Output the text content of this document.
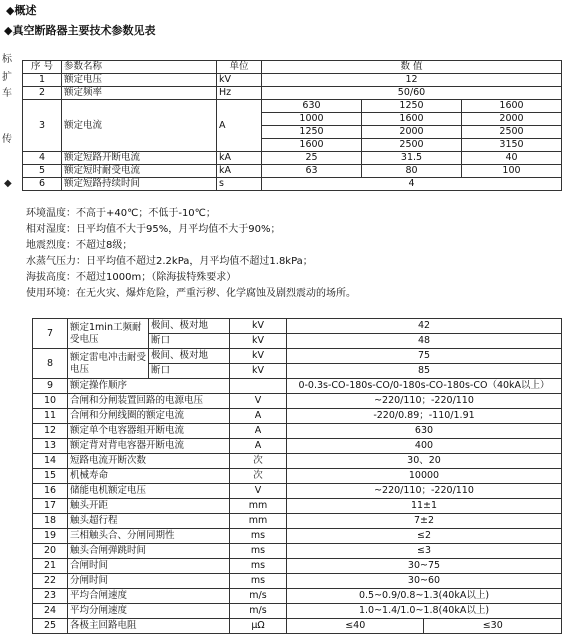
◆概述
◆真空断路器主要技术参数见表
标
扩
车
传
◆
序 号	参数名称	单位	数 值		
1	额定电压	kV	12		
2	额定频率	Hz	50/60		
3	额定电流	A	630	1250	1600
			1000	1600	2000
			1250	2000	2500
			1600	2500	3150
4	额定短路开断电流	kA	25	31.5	40
5	额定短时耐受电流	kA	63	80	100
6	额定短路持续时间	s	4		
环境温度：不高于+40℃；不低于-10℃；
相对湿度：日平均值不大于95%，月平均值不大于90%；
地震烈度：不超过8级；
水蒸气压力：日平均值不超过2.2kPa，月平均值不超过1.8kPa；
海拔高度：不超过1000m；（除海拔特殊要求）
使用环境：在无火灾、爆炸危险，严重污秽、化学腐蚀及剧烈震动的场所。
7	额定1min工频耐受电压	极间、极对地	kV	42	
		断口	kV	48	
8	额定雷电冲击耐受电压	极间、极对地	kV	75	
		断口	kV	85	
9	额定操作顺序			0-0.3s-CO-180s-CO/0-180s-CO-180s-CO（40kA以上）	
10	合闸和分闸装置回路的电源电压		V	~220/110；-220/110	
11	合闸和分闸线圈的额定电流		A	-220/0.89；-110/1.91	
12	额定单个电容器组开断电流		A	630	
13	额定背对背电容器开断电流		A	400	
14	短路电流开断次数		次	30、20	
15	机械寿命		次	10000	
16	储能电机额定电压		V	~220/110；-220/110	
17	触头开距		mm	11±1	
18	触头超行程		mm	7±2	
19	三相触头合、分闸同期性		ms	≤2	
20	触头合闸弹跳时间		ms	≤3	
21	合闸时间		ms	30~75	
22	分闸时间		ms	30~60	
23	平均合闸速度		m/s	0.5~0.9/0.8~1.3(40kA以上)	
24	平均分闸速度		m/s	1.0~1.4/1.0~1.8(40kA以上)	
25	各极主回路电阻		μΩ	≤40	≤30
